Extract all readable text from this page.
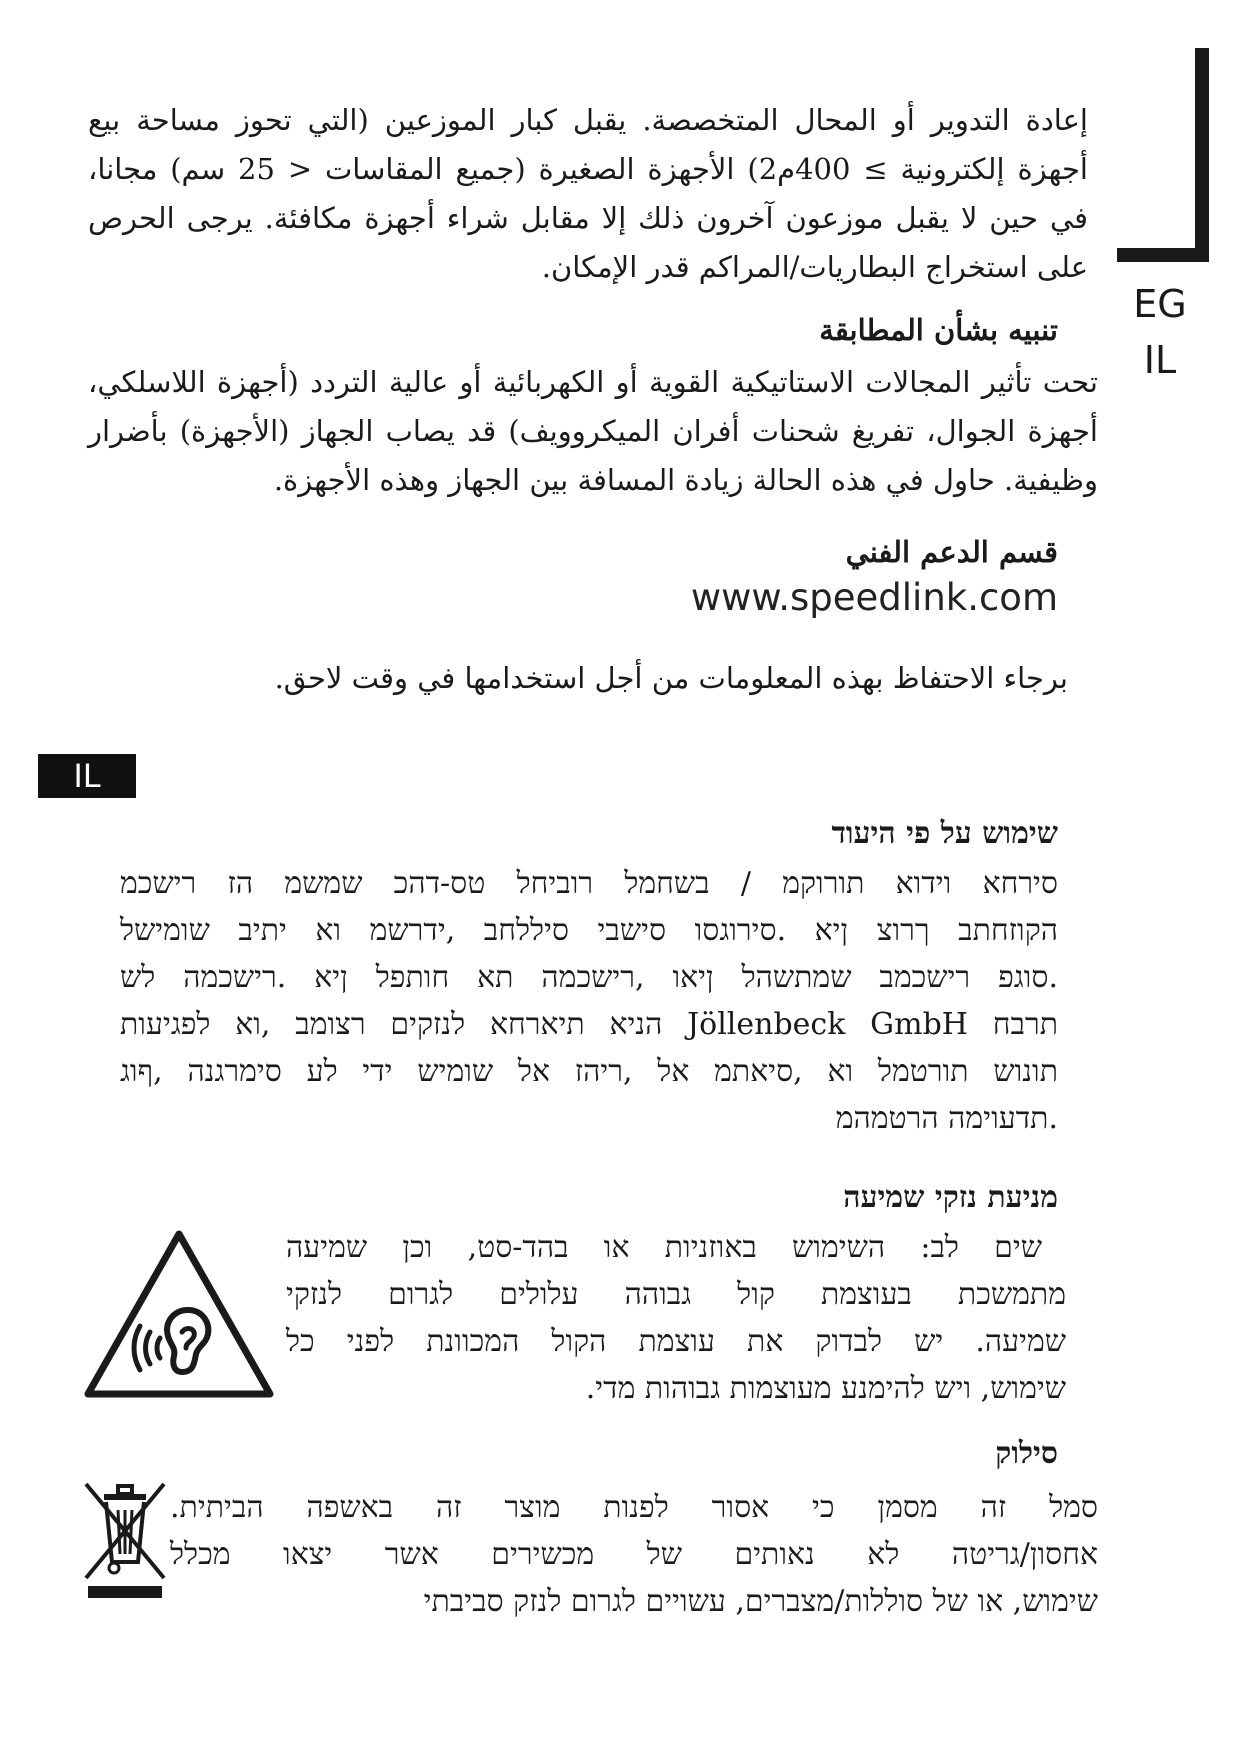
EG
IL
إعادة التدوير أو المحال المتخصصة. يقبل كبار الموزعين (التي تحوز مساحة بيع أجهزة إلكترونية ≥ 400م2) الأجهزة الصغيرة (جميع المقاسات < 25 سم) مجانا، في حين لا يقبل موزعون آخرون ذلك إلا مقابل شراء أجهزة مكافئة. يرجى الحرص على استخراج البطاريات/المراكم قدر الإمكان.
تنبيه بشأن المطابقة
تحت تأثير المجالات الاستاتيكية القوية أو الكهربائية أو عالية التردد (أجهزة اللاسلكي، أجهزة الجوال، تفريغ شحنات أفران الميكروويف) قد يصاب الجهاز (الأجهزة) بأضرار وظيفية. حاول في هذه الحالة زيادة المسافة بين الجهاز وهذه الأجهزة.
قسم الدعم الفني
www.speedlink.com
برجاء الاحتفاظ بهذه المعلومات من أجل استخدامها في وقت لاحق.
IL
שימוש על פי היעוד
סירחא וידוא תורוקמ / בשחמל רוביחל טס-דהכ שמשמ הז רישכמ
הקוזחתב ךרוצ ןיא .סירוגסו סישבי סיללחב ,ידרשמ וא יתיב שומישל
.סוגפ רישכמב שמתשהל ןיאו ,רישכמה תא חותפל ןיא .רישכמה לש
תרבח Jöllenbeck GmbH הניא תיארחא לנזקים רצומב ,וא לפגיעות
תונוש תורטמל וא ,סיאתמ אל ,ריהז אל שומיש ידי לע סימרגנה ,ףוג
.תדעוימה הרטמהמ
מניעת נזקי שמיעה
שים לב: השימוש באוזניות או בהד-סט, וכן שמיעה
מתמשכת בעוצמת קול גבוהה עלולים לגרום לנזקי
שמיעה. יש לבדוק את עוצמת הקול המכוונת לפני כל
שימוש, ויש להימנע מעוצמות גבוהות מדי.
סילוק
סמל זה מסמן כי אסור לפנות מוצר זה באשפה הביתית.
אחסון/גריטה לא נאותים של מכשירים אשר יצאו מכלל
שימוש, או של סוללות/מצברים, עשויים לגרום לנזק סביבתי
